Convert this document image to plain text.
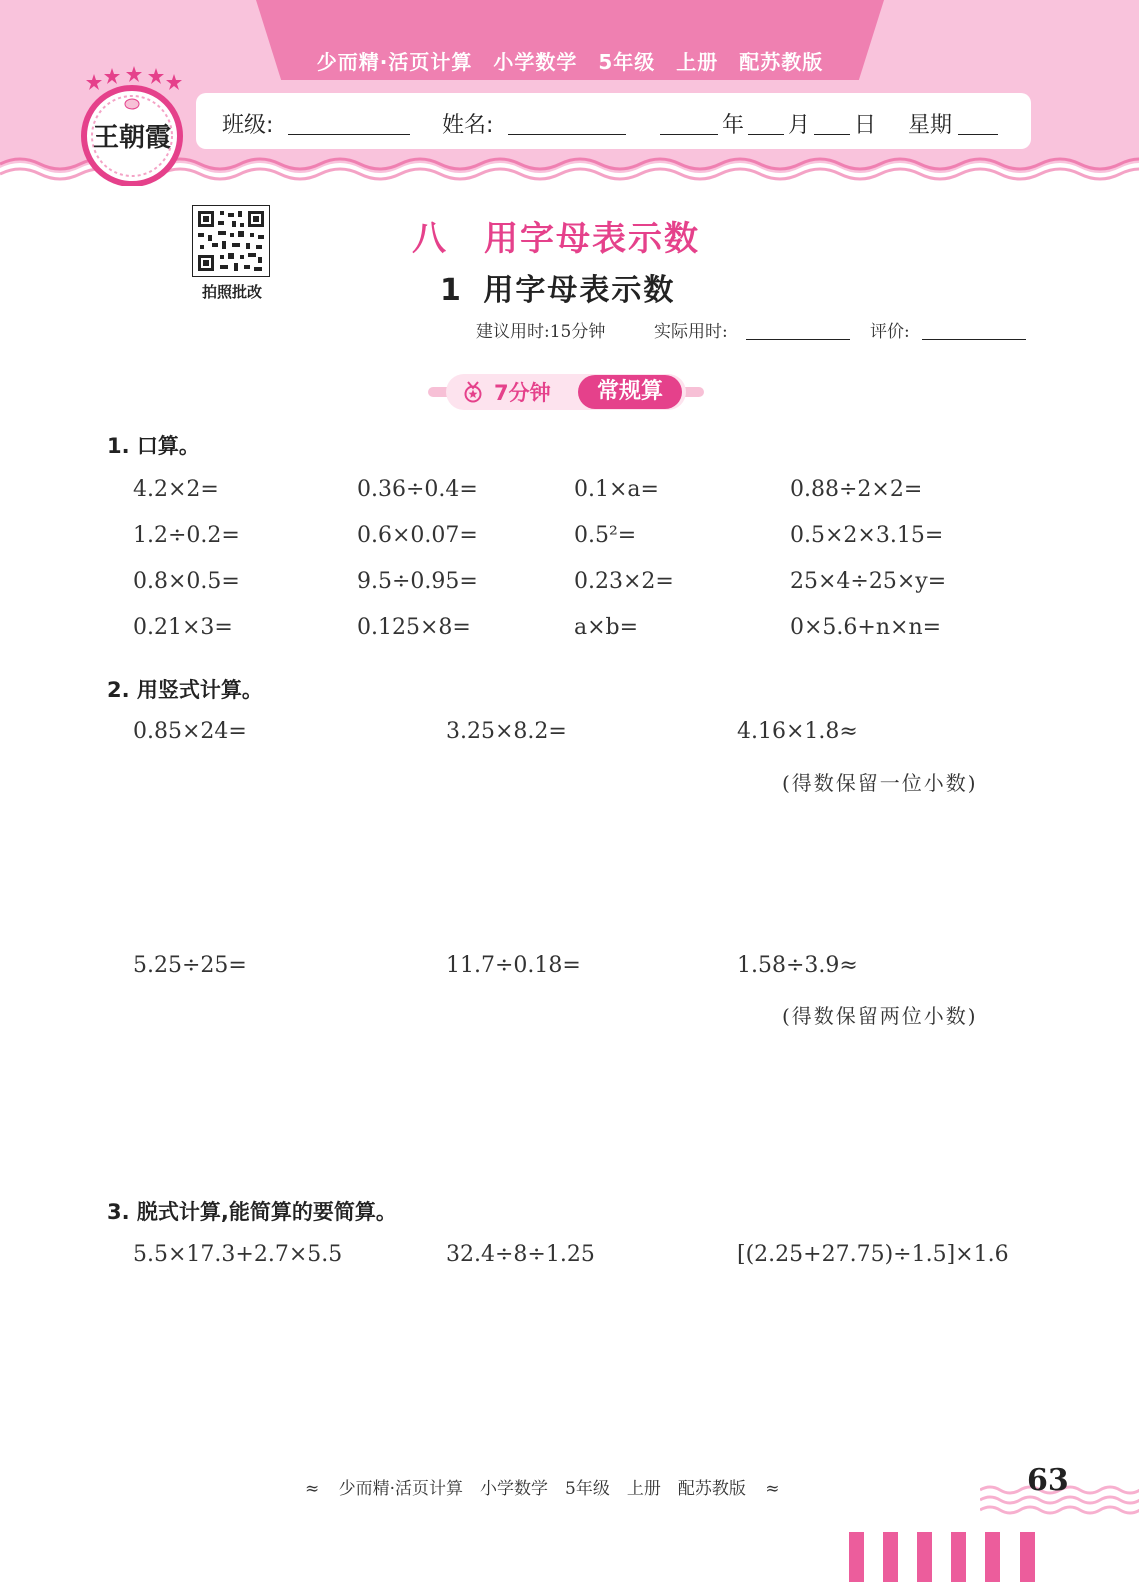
少而精·活页计算　小学数学　5年级　上册　配苏教版
班级:	姓名:	年 月 日 星期
王朝霞
拍照批改
八　用字母表示数
1 用字母表示数
建议用时:15分钟	实际用时:	评价:
7分钟	常规算
1. 口算。
4.2×2=	0.36÷0.4=	0.1×a=	0.88÷2×2=
1.2÷0.2=	0.6×0.07=	0.5²=	0.5×2×3.15=
0.8×0.5=	9.5÷0.95=	0.23×2=	25×4÷25×y=
0.21×3=	0.125×8=	a×b=	0×5.6+n×n=
2. 用竖式计算。
0.85×24=	3.25×8.2=	4.16×1.8≈
(得数保留一位小数)
5.25÷25=	11.7÷0.18=	1.58÷3.9≈
(得数保留两位小数)
3. 脱式计算,能简算的要简算。
5.5×17.3+2.7×5.5	32.4÷8÷1.25	[(2.25+27.75)÷1.5]×1.6
≈ 少而精·活页计算　小学数学　5年级　上册　配苏教版 ≈	63
